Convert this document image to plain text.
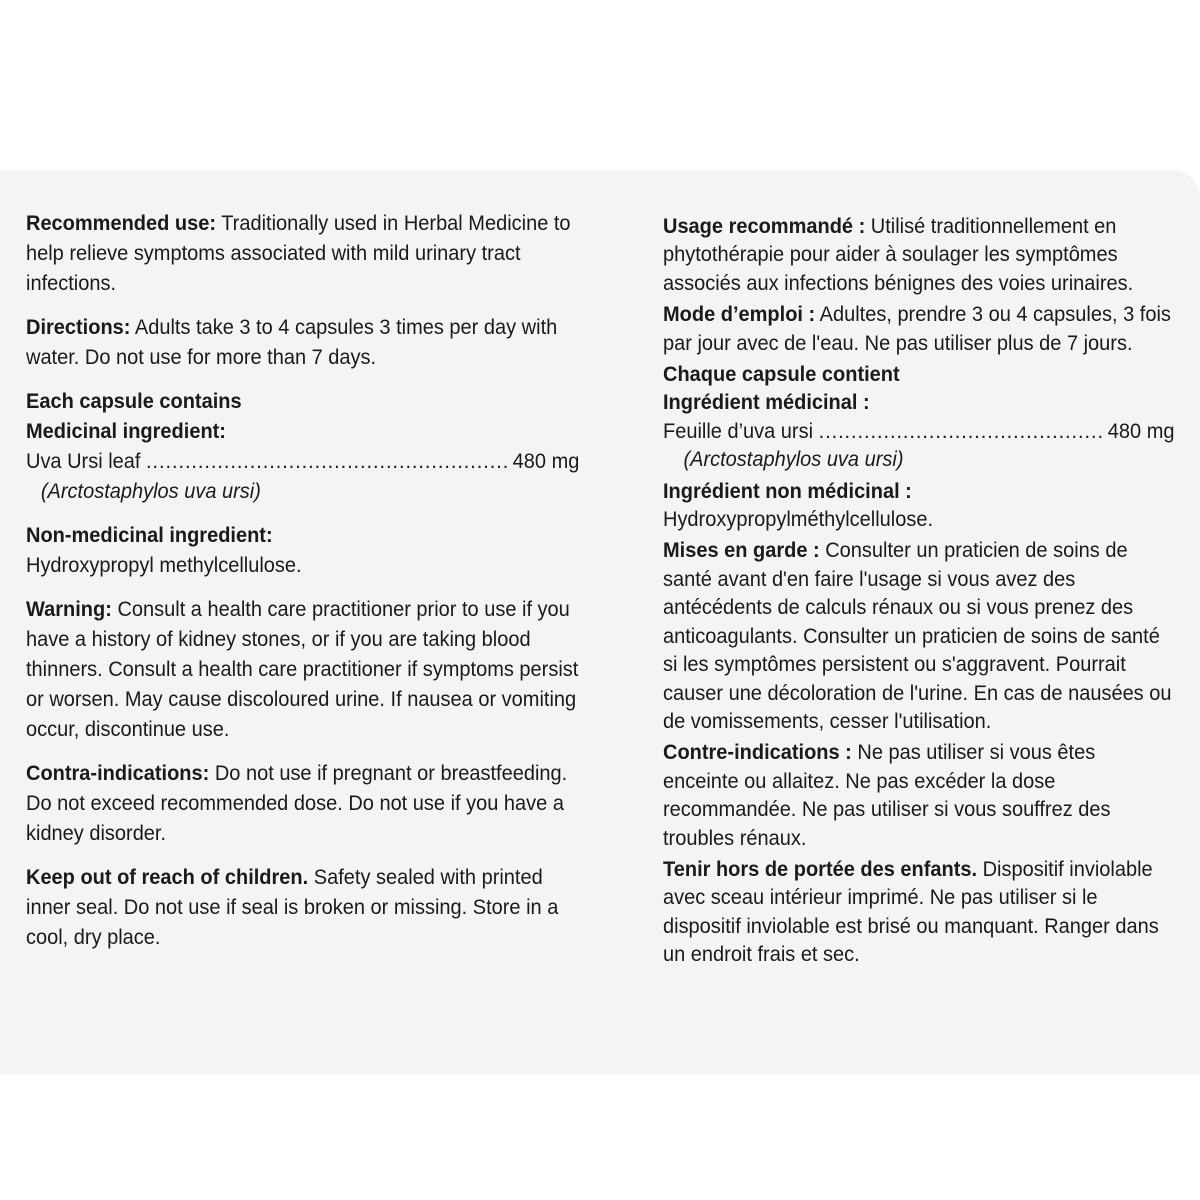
Recommended use: Traditionally used in Herbal Medicine to help relieve symptoms associated with mild urinary tract infections.

Directions: Adults take 3 to 4 capsules 3 times per day with water. Do not use for more than 7 days.

Each capsule contains
Medicinal ingredient:
Uva Ursi leaf .....	480 mg
(Arctostaphylos uva ursi)
Non-medicinal ingredient:
Hydroxypropyl methylcellulose.

Warning: Consult a health care practitioner prior to use if you have a history of kidney stones, or if you are taking blood thinners. Consult a health care practitioner if symptoms persist or worsen. May cause discoloured urine. If nausea or vomiting occur, discontinue use.

Contra-indications: Do not use if pregnant or breastfeeding. Do not exceed recommended dose. Do not use if you have a kidney disorder.

Keep out of reach of children. Safety sealed with printed inner seal. Do not use if seal is broken or missing. Store in a cool, dry place.

Usage recommandé : Utilisé traditionnellement en phytothérapie pour aider à soulager les symptômes associés aux infections bénignes des voies urinaires.

Mode d’emploi : Adultes, prendre 3 ou 4 capsules, 3 fois par jour avec de l'eau. Ne pas utiliser plus de 7 jours.

Chaque capsule contient
Ingrédient médicinal :
Feuille d’uva ursi .....	480 mg
(Arctostaphylos uva ursi)
Ingrédient non médicinal :
Hydroxypropylméthylcellulose.

Mises en garde : Consulter un praticien de soins de santé avant d'en faire l'usage si vous avez des antécédents de calculs rénaux ou si vous prenez des anticoagulants. Consulter un praticien de soins de santé si les symptômes persistent ou s'aggravent. Pourrait causer une décoloration de l'urine. En cas de nausées ou de vomissements, cesser l'utilisation.

Contre-indications : Ne pas utiliser si vous êtes enceinte ou allaitez. Ne pas excéder la dose recommandée. Ne pas utiliser si vous souffrez des troubles rénaux.

Tenir hors de portée des enfants. Dispositif inviolable avec sceau intérieur imprimé. Ne pas utiliser si le dispositif inviolable est brisé ou manquant. Ranger dans un endroit frais et sec.
